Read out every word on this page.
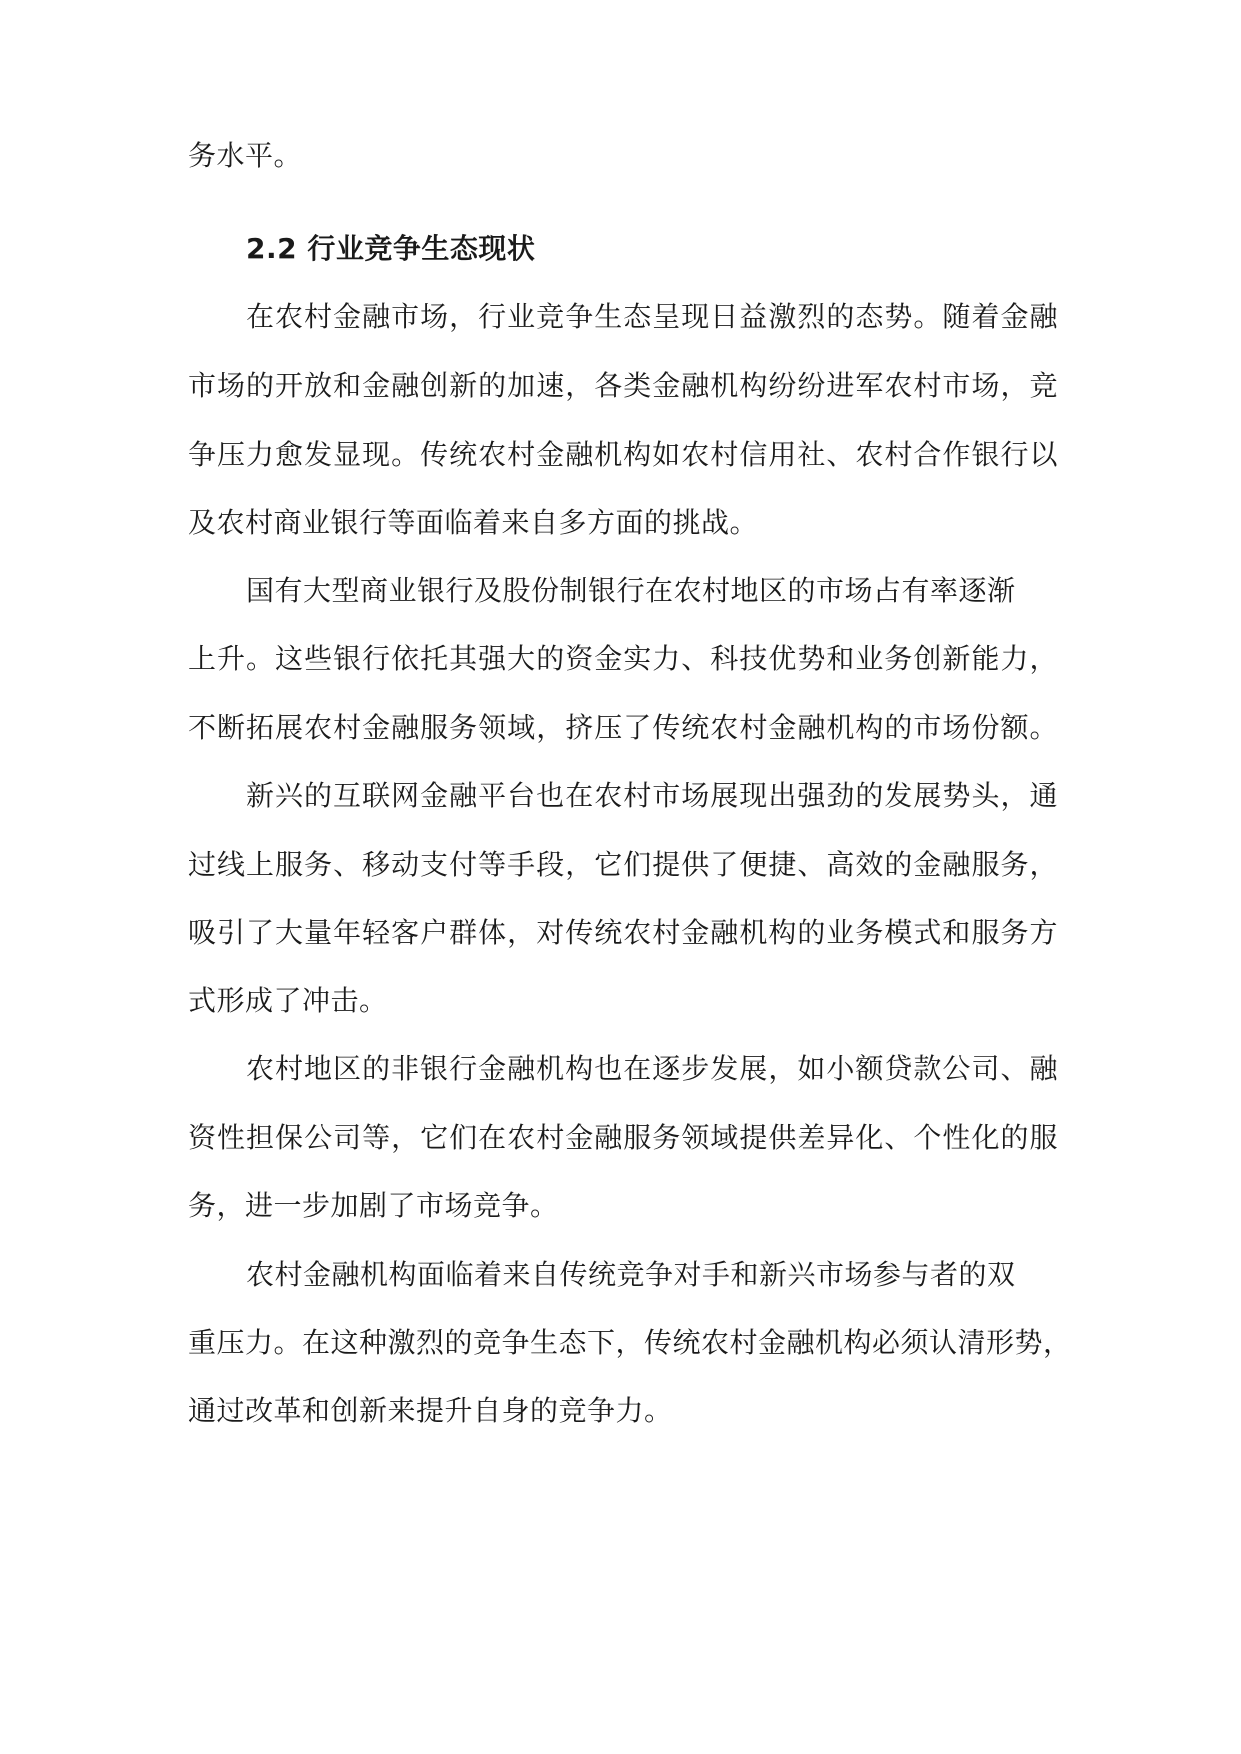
务水平。
2.2 行业竞争生态现状
在农村金融市场，行业竞争生态呈现日益激烈的态势。随着金融
市场的开放和金融创新的加速，各类金融机构纷纷进军农村市场，竞
争压力愈发显现。传统农村金融机构如农村信用社、农村合作银行以
及农村商业银行等面临着来自多方面的挑战。
国有大型商业银行及股份制银行在农村地区的市场占有率逐渐
上升。这些银行依托其强大的资金实力、科技优势和业务创新能力，
不断拓展农村金融服务领域，挤压了传统农村金融机构的市场份额。
新兴的互联网金融平台也在农村市场展现出强劲的发展势头，通
过线上服务、移动支付等手段，它们提供了便捷、高效的金融服务，
吸引了大量年轻客户群体，对传统农村金融机构的业务模式和服务方
式形成了冲击。
农村地区的非银行金融机构也在逐步发展，如小额贷款公司、融
资性担保公司等，它们在农村金融服务领域提供差异化、个性化的服
务，进一步加剧了市场竞争。
农村金融机构面临着来自传统竞争对手和新兴市场参与者的双
重压力。在这种激烈的竞争生态下，传统农村金融机构必须认清形势，
通过改革和创新来提升自身的竞争力。
